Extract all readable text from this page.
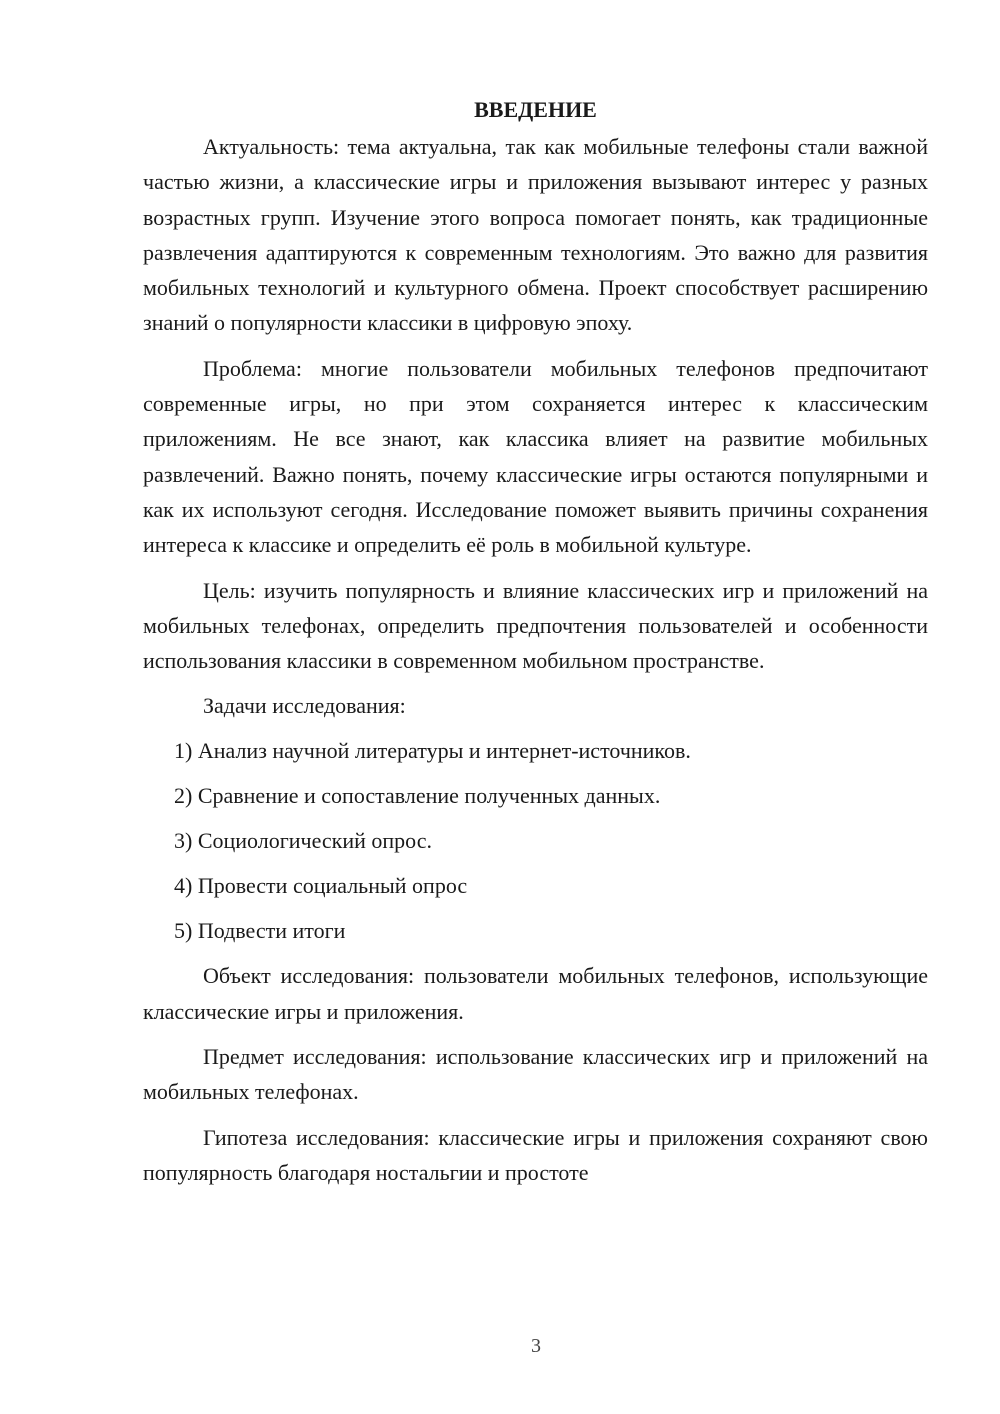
ВВЕДЕНИЕ

Актуальность: тема актуальна, так как мобильные телефоны стали важной частью жизни, а классические игры и приложения вызывают интерес у разных возрастных групп. Изучение этого вопроса помогает понять, как традиционные развлечения адаптируются к современным технологиям. Это важно для развития мобильных технологий и культурного обмена. Проект способствует расширению знаний о популярности классики в цифровую эпоху.

Проблема: многие пользователи мобильных телефонов предпочитают современные игры, но при этом сохраняется интерес к классическим приложениям. Не все знают, как классика влияет на развитие мобильных развлечений. Важно понять, почему классические игры остаются популярными и как их используют сегодня. Исследование поможет выявить причины сохранения интереса к классике и определить её роль в мобильной культуре.

Цель: изучить популярность и влияние классических игр и приложений на мобильных телефонах, определить предпочтения пользователей и особенности использования классики в современном мобильном пространстве.

Задачи исследования:

1) Анализ научной литературы и интернет-источников.

2) Сравнение и сопоставление полученных данных.

3) Социологический опрос.

4) Провести социальный опрос

5) Подвести итоги

Объект исследования: пользователи мобильных телефонов, использующие классические игры и приложения.

Предмет исследования: использование классических игр и приложений на мобильных телефонах.

Гипотеза исследования: классические игры и приложения сохраняют свою популярность благодаря ностальгии и простоте

3
